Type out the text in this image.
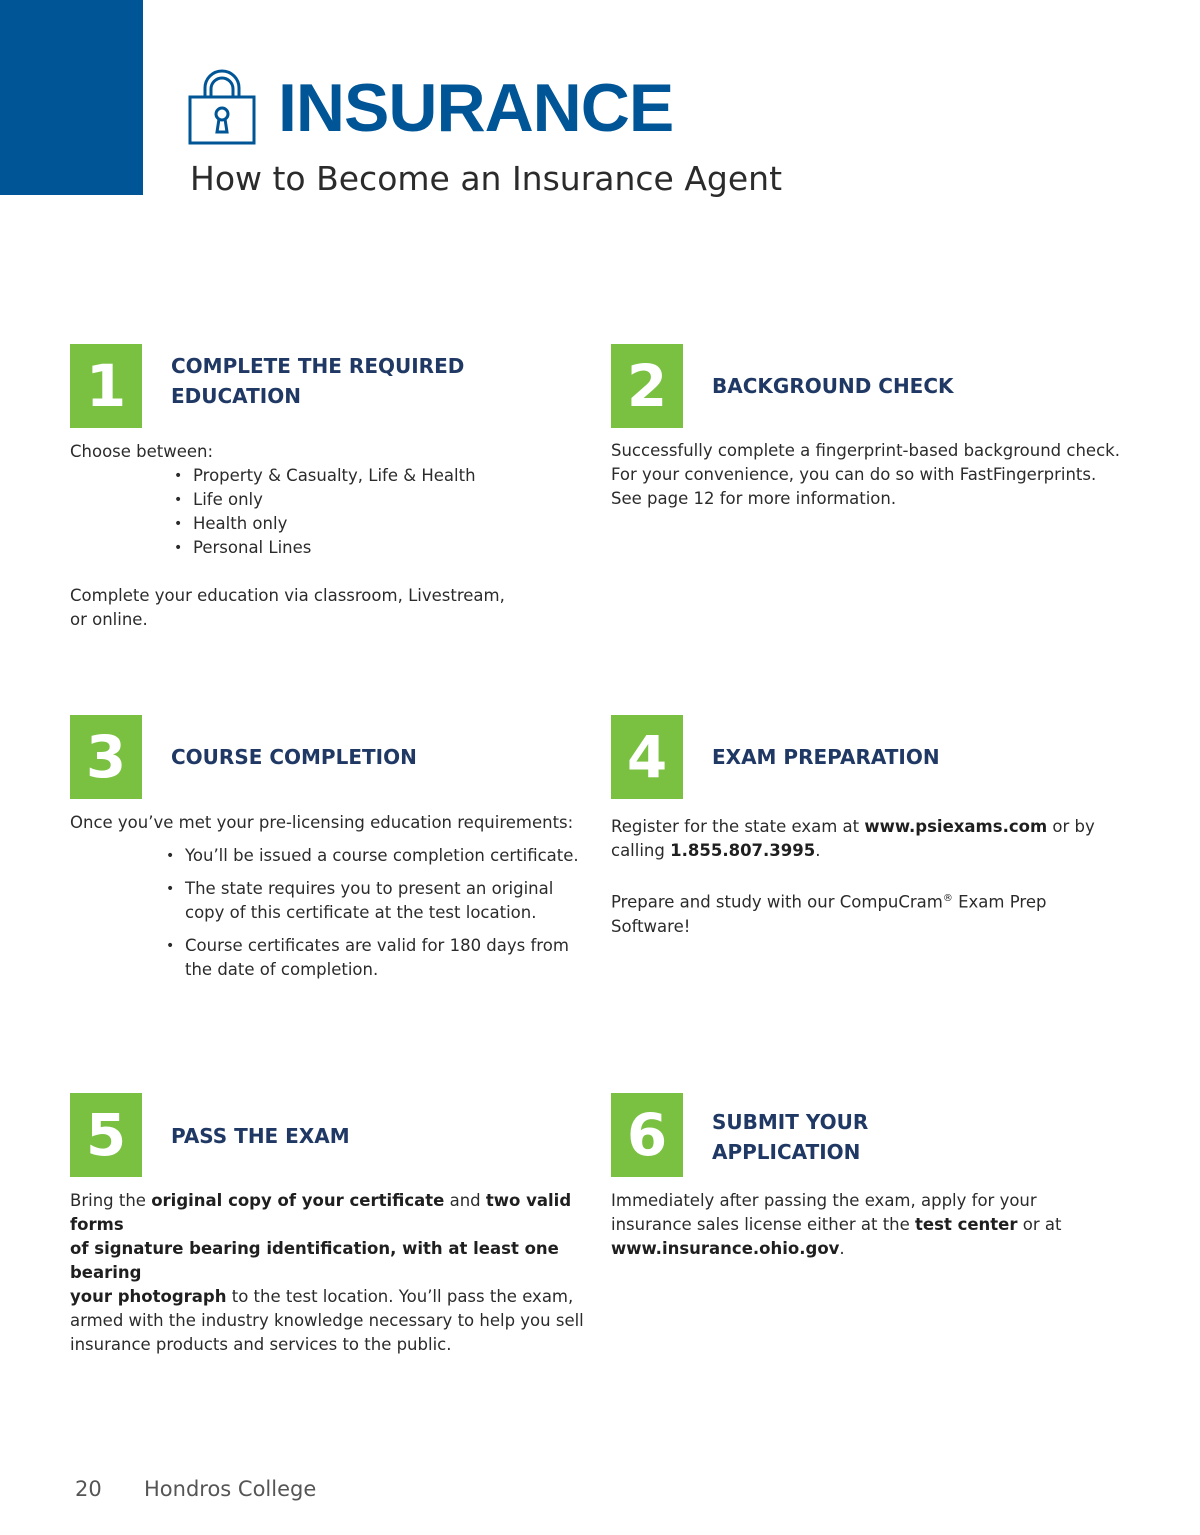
INSURANCE
How to Become an Insurance Agent
1	COMPLETE THE REQUIRED
EDUCATION

Choose between:

• Property & Casualty, Life & Health
• Life only
• Health only
• Personal Lines

Complete your education via classroom, Livestream,
or online.

2	BACKGROUND CHECK

Successfully complete a fingerprint-based background check.
For your convenience, you can do so with FastFingerprints.
See page 12 for more information.

3	COURSE COMPLETION

Once you’ve met your pre-licensing education requirements:

• You’ll be issued a course completion certificate.
• The state requires you to present an original
copy of this certificate at the test location.
• Course certificates are valid for 180 days from
the date of completion.
4	EXAM PREPARATION

Register for the state exam at www.psiexams.com or by
calling 1.855.807.3995.

Prepare and study with our CompuCram® Exam Prep
Software!

5	PASS THE EXAM

Bring the original copy of your certificate and two valid forms
of signature bearing identification, with at least one bearing
your photograph to the test location. You’ll pass the exam,
armed with the industry knowledge necessary to help you sell
insurance products and services to the public.

6	SUBMIT YOUR
APPLICATION

Immediately after passing the exam, apply for your
insurance sales license either at the test center or at
www.insurance.ohio.gov.

20 Hondros College
